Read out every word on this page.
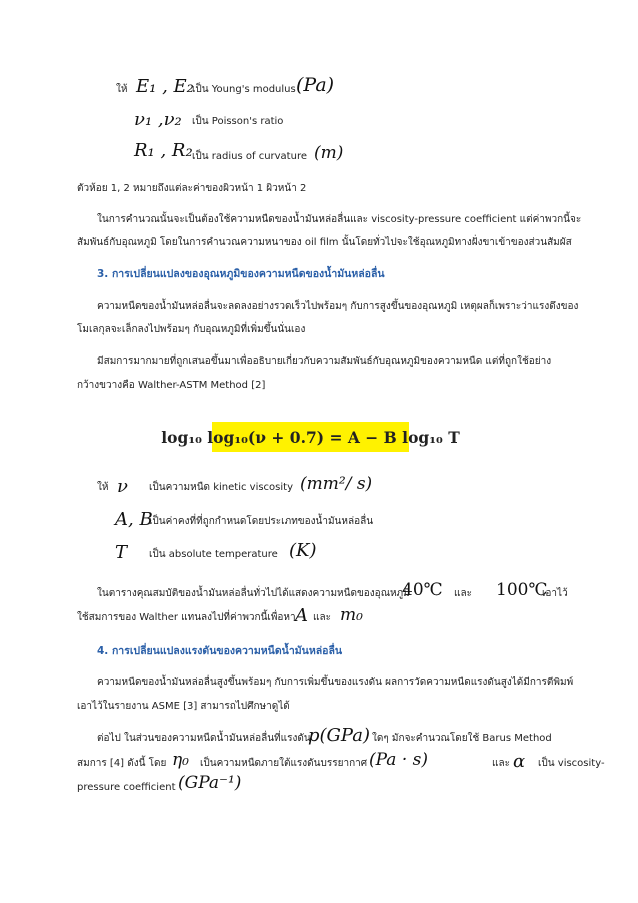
ให้ E₁ , E₂
เป็น Young's modulus (Pa)
ν₁ ,ν₂ เป็น Poisson's ratio
R₁ , R₂ เป็น radius of curvature (m)
ตัวห้อย 1, 2 หมายถึงแต่ละค่าของผิวหน้า 1 ผิวหน้า 2
ในการคำนวณนั้นจะเป็นต้องใช้ความหนืดของน้ำมันหล่อลื่นและ viscosity-pressure coefficient แต่ค่าพวกนี้จะ
สัมพันธ์กับอุณหภูมิ โดยในการคำนวณความหนาของ oil film นั้นโดยทั่วไปจะใช้อุณหภูมิทางฝั่งขาเข้าของส่วนสัมผัส
3. การเปลี่ยนแปลงของอุณหภูมิของความหนืดของน้ำมันหล่อลื่น
ความหนืดของน้ำมันหล่อลื่นจะลดลงอย่างรวดเร็วไปพร้อมๆ กับการสูงขึ้นของอุณหภูมิ เหตุผลก็เพราะว่าแรงดึงของ
โมเลกุลจะเล็กลงไปพร้อมๆ กับอุณหภูมิที่เพิ่มขึ้นนั่นเอง
มีสมการมากมายที่ถูกเสนอขึ้นมาเพื่ออธิบายเกี่ยวกับความสัมพันธ์กับอุณหภูมิของความหนืด แต่ที่ถูกใช้อย่าง
กว้างขวางคือ Walther-ASTM Method [2]
log₁₀ log₁₀(ν + 0.7) = A − B log₁₀ T
ให้ ν เป็นความหนืด kinetic viscosity (mm²/ s)
A, B
เป็นค่าคงที่ที่ถูกกำหนดโดยประเภทของน้ำมันหล่อลื่น
T เป็น absolute temperature (K)
ในตารางคุณสมบัติของน้ำมันหล่อลื่นทั่วไปได้แสดงความหนืดของอุณหภูมิ
40℃ และ 100℃
เอาไว้
ใช้สมการของ Walther แทนลงไปที่ค่าพวกนี้เพื่อหา A และ m₀
4. การเปลี่ยนแปลงแรงดันของความหนืดน้ำมันหล่อลื่น
ความหนืดของน้ำมันหล่อลื่นสูงขึ้นพร้อมๆ กับการเพิ่มขึ้นของแรงดัน ผลการวัดความหนืดแรงดันสูงได้มีการตีพิมพ์
เอาไว้ในรายงาน ASME [3] สามารถไปศึกษาดูได้
ต่อไป ในส่วนของความหนืดน้ำมันหล่อลื่นที่แรงดัน
p(GPa) ใดๆ มักจะคำนวณโดยใช้ Barus Method
สมการ [4] ดังนี้ โดย η₀ เป็นความหนืดภายใต้แรงดันบรรยากาศ (Pa · s)	และ α เป็น viscosity-
pressure coefficient (GPa⁻¹)
